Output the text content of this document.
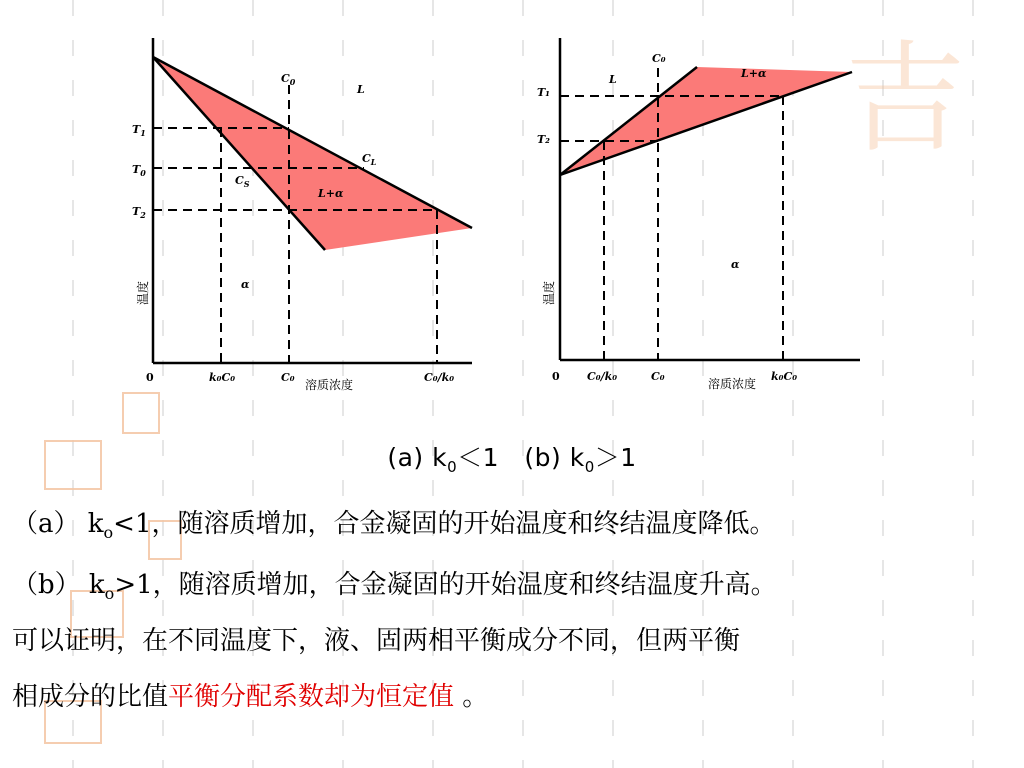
吉
$C_0$
L
$T_1$
$T_0$
$T_2$
$C_L$
$C_S$
L+α
α
温度
0	k₀C₀	C₀
溶质浓度
C₀/k₀
C₀
L	L+α
T₁
T₂
α
温度
0 C₀/k₀	C₀
溶质浓度
k₀C₀
(a) $k_0<1$ (b) $k_0>1$
（a） $k_o<1$，随溶质增加，合金凝固的开始温度和终结温度降低。
（b） $k_o>1$，随溶质增加，合金凝固的开始温度和终结温度升高。
可以证明，在不同温度下，液、固两相平衡成分不同，但两平衡
相成分的比值平衡分配系数却为恒定值 。
